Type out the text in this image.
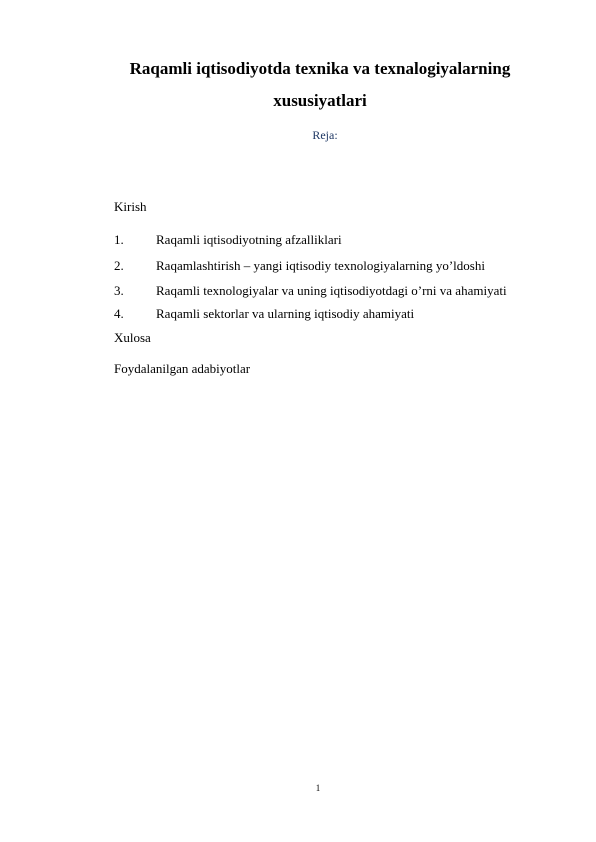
Raqamli iqtisodiyotda texnika va texnalogiyalarning
xususiyatlari
Reja:
Kirish
1. Raqamli iqtisodiyotning afzalliklari
2. Raqamlashtirish – yangi iqtisodiy texnologiyalarning yo’ldoshi
3. Raqamli texnologiyalar va uning iqtisodiyotdagi o’rni va ahamiyati
4. Raqamli sektorlar va ularning iqtisodiy ahamiyati
Xulosa
Foydalanilgan adabiyotlar
1
